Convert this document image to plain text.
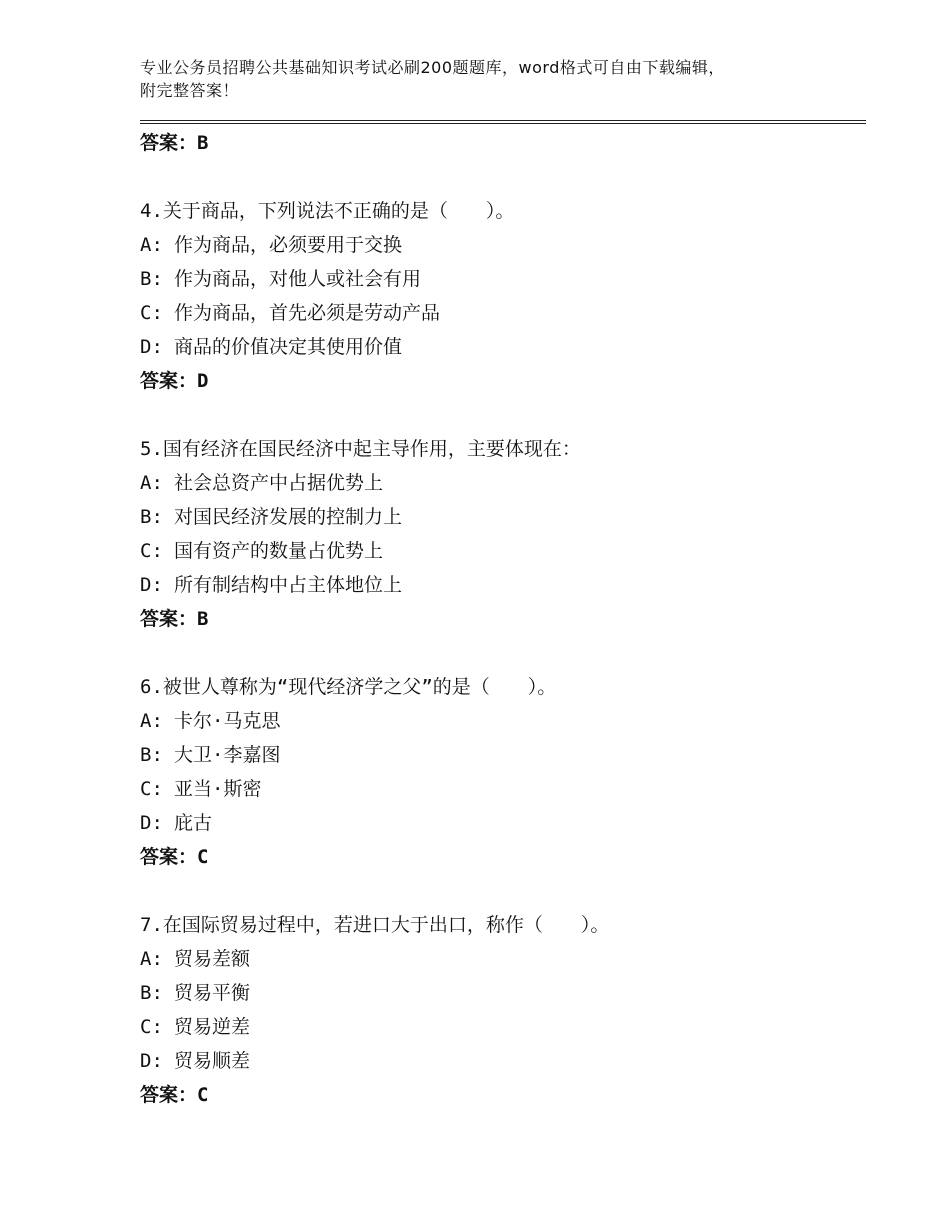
专业公务员招聘公共基础知识考试必刷200题题库，word格式可自由下载编辑，
附完整答案！
答案：B
4.关于商品，下列说法不正确的是（　　）。
A: 作为商品，必须要用于交换
B: 作为商品，对他人或社会有用
C: 作为商品，首先必须是劳动产品
D: 商品的价值决定其使用价值
答案：D
5.国有经济在国民经济中起主导作用，主要体现在：
A: 社会总资产中占据优势上
B: 对国民经济发展的控制力上
C: 国有资产的数量占优势上
D: 所有制结构中占主体地位上
答案：B
6.被世人尊称为“现代经济学之父”的是（　　）。
A: 卡尔·马克思
B: 大卫·李嘉图
C: 亚当·斯密
D: 庇古
答案：C
7.在国际贸易过程中，若进口大于出口，称作（　　）。
A: 贸易差额
B: 贸易平衡
C: 贸易逆差
D: 贸易顺差
答案：C
